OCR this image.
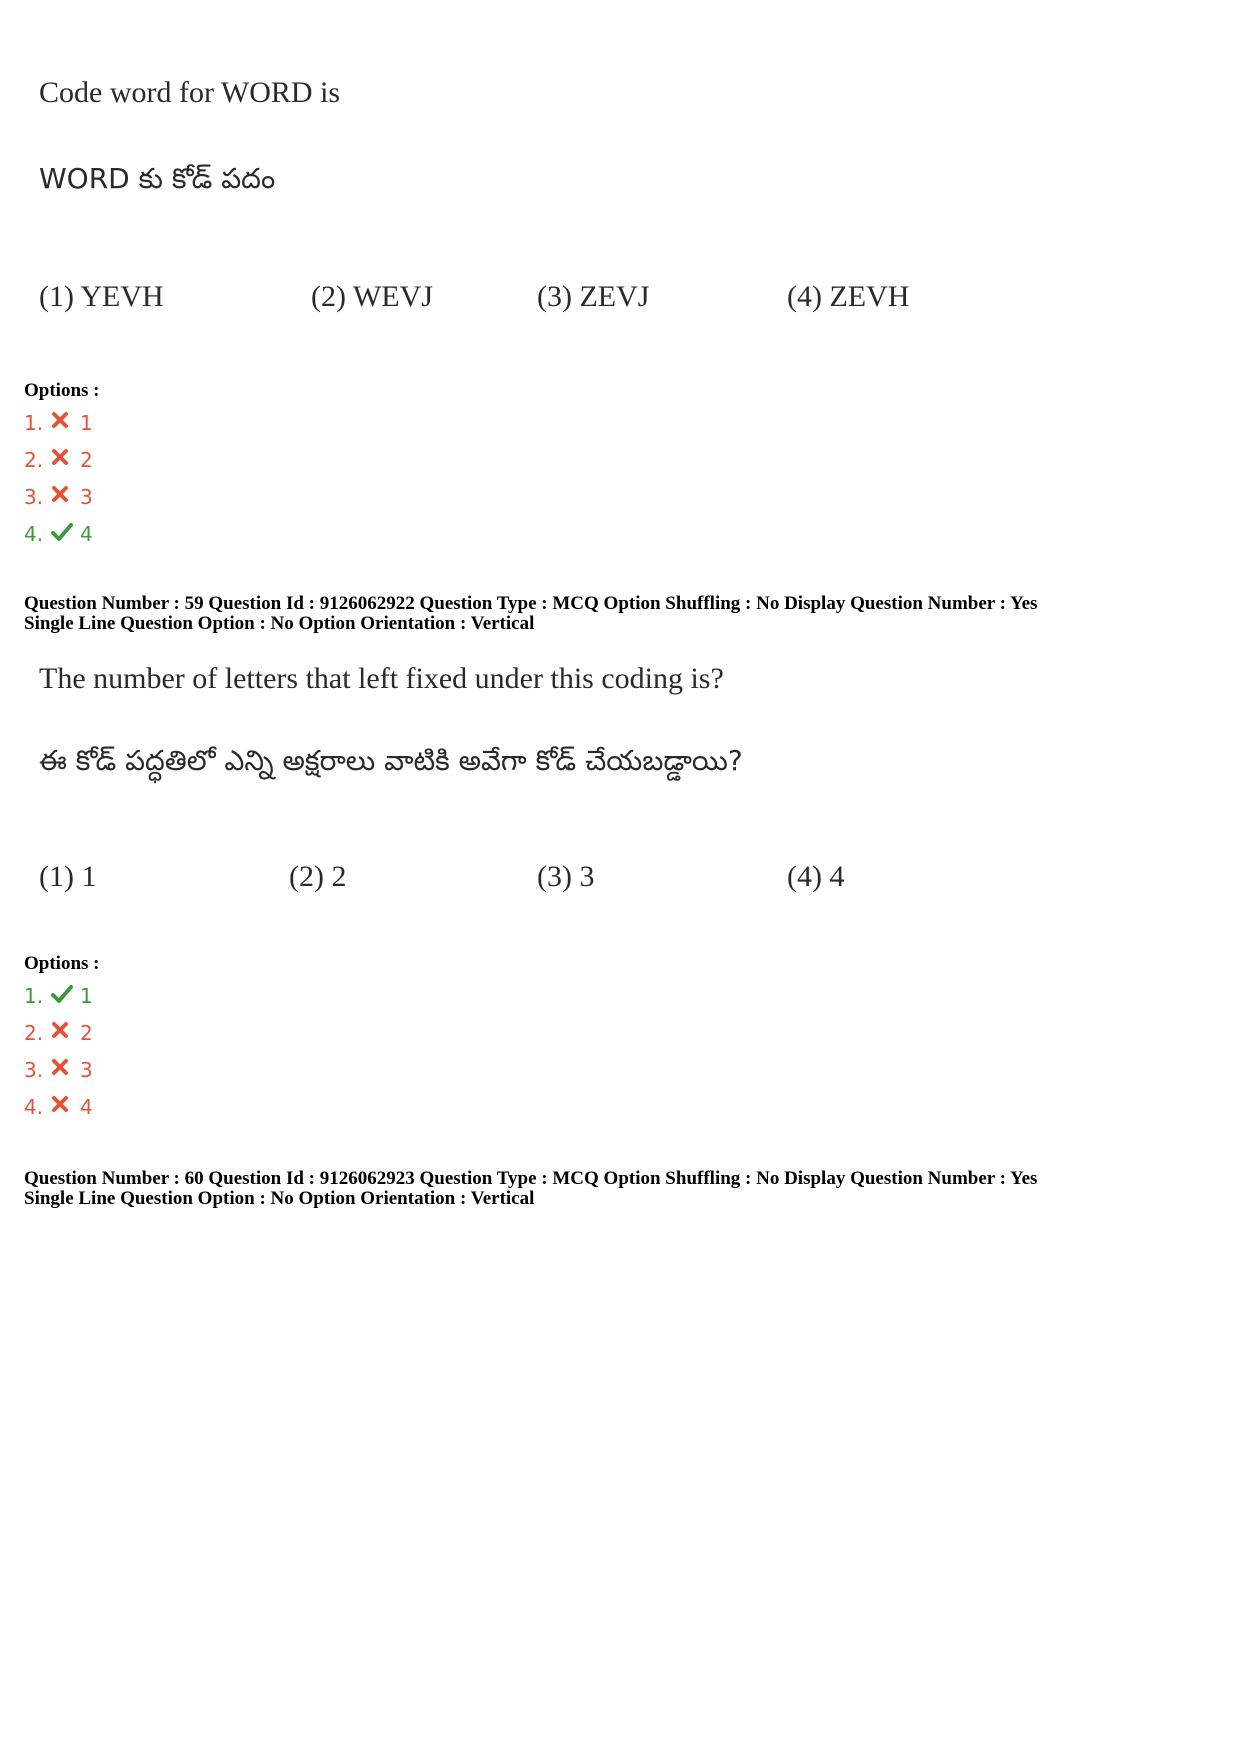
Code word for WORD is
WORD కు కోడ్ పదం
(1) YEVH	(2) WEVJ	(3) ZEVJ	(4) ZEVH
Options :
1.	1
2.	2
3.	3
4.	4
Question Number : 59 Question Id : 9126062922 Question Type : MCQ Option Shuffling : No Display Question Number : Yes
Single Line Question Option : No Option Orientation : Vertical
The number of letters that left fixed under this coding is?
ఈ కోడ్ పద్ధతిలో ఎన్ని అక్షరాలు వాటికి అవేగా కోడ్ చేయబడ్డాయి?
(1) 1	(2) 2	(3) 3	(4) 4
Options :
1.	1
2.	2
3.	3
4.	4
Question Number : 60 Question Id : 9126062923 Question Type : MCQ Option Shuffling : No Display Question Number : Yes
Single Line Question Option : No Option Orientation : Vertical
